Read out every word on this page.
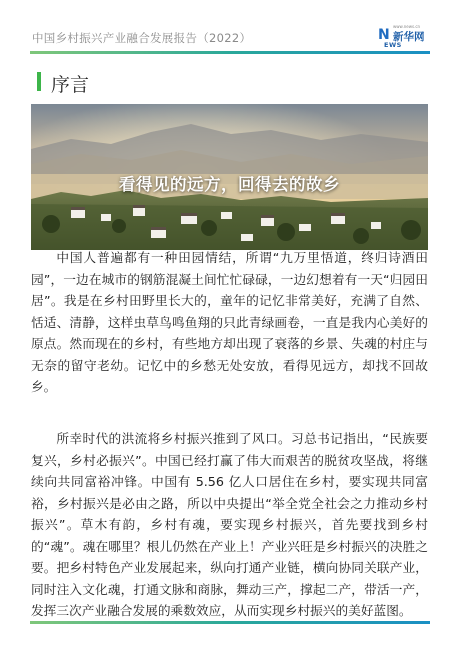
中国乡村振兴产业融合发展报告（2022）
www.news.cn
N 新华网
EWS
序言
看得见的远方，回得去的故乡

中国人普遍都有一种田园情结，所谓“九万里悟道，终归诗酒田园”，一边在城市的钢筋混凝土间忙忙碌碌，一边幻想着有一天“归园田居”。我是在乡村田野里长大的，童年的记忆非常美好，充满了自然、恬适、清静，这样虫草鸟鸣鱼翔的只此青绿画卷，一直是我内心美好的原点。然而现在的乡村，有些地方却出现了衰落的乡景、失魂的村庄与无奈的留守老幼。记忆中的乡愁无处安放，看得见远方，却找不回故乡。

所幸时代的洪流将乡村振兴推到了风口。习总书记指出，“民族要复兴，乡村必振兴”。中国已经打赢了伟大而艰苦的脱贫攻坚战，将继续向共同富裕冲锋。中国有 5.56 亿人口居住在乡村，要实现共同富裕，乡村振兴是必由之路，所以中央提出“举全党全社会之力推动乡村振兴”。草木有韵，乡村有魂，要实现乡村振兴，首先要找到乡村的“魂”。魂在哪里？根儿仍然在产业上！产业兴旺是乡村振兴的决胜之要。把乡村特色产业发展起来，纵向打通产业链，横向协同关联产业，同时注入文化魂，打通文脉和商脉，舞动三产，撑起二产，带活一产，发挥三次产业融合发展的乘数效应，从而实现乡村振兴的美好蓝图。
